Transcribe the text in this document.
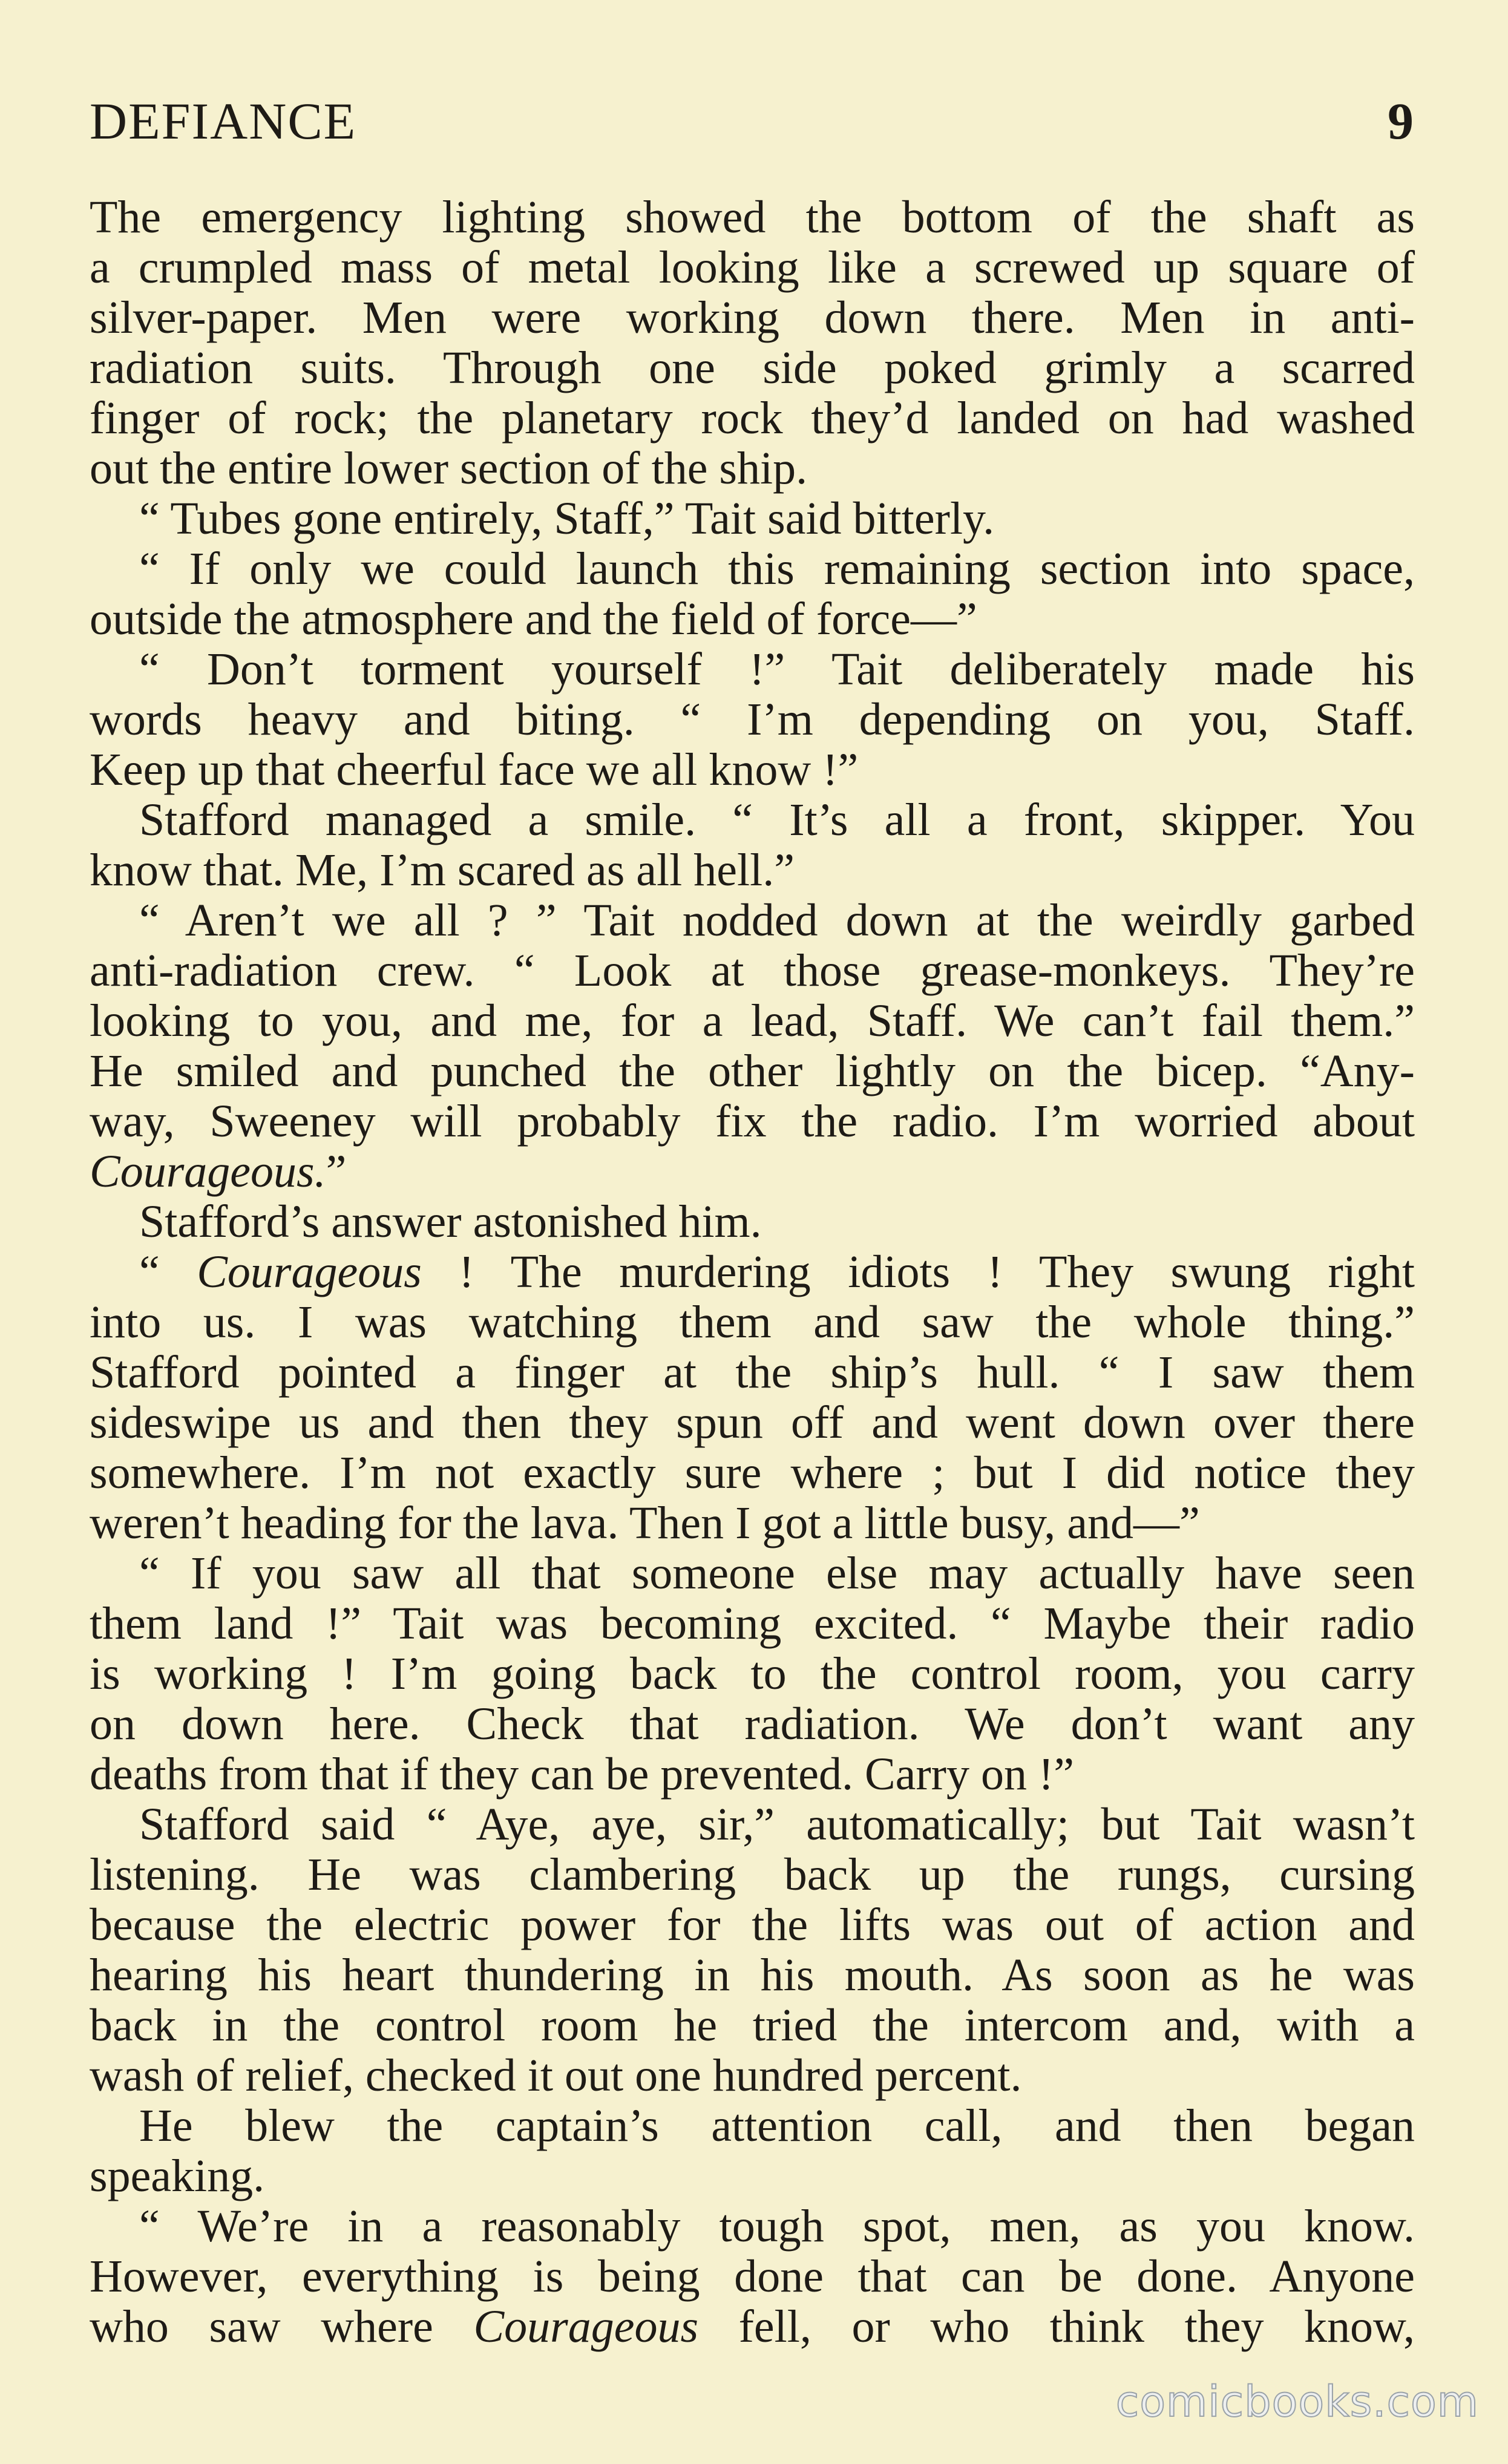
DEFIANCE	9
The emergency lighting showed the bottom of the shaft as
a crumpled mass of metal looking like a screwed up square of
silver-paper. Men were working down there. Men in anti-
radiation suits. Through one side poked grimly a scarred
finger of rock; the planetary rock they’d landed on had washed
out the entire lower section of the ship.
“ Tubes gone entirely, Staff,” Tait said bitterly.
“ If only we could launch this remaining section into space,
outside the atmosphere and the field of force—”
“ Don’t torment yourself !” Tait deliberately made his
words heavy and biting. “ I’m depending on you, Staff.
Keep up that cheerful face we all know !”
Stafford managed a smile. “ It’s all a front, skipper. You
know that. Me, I’m scared as all hell.”
“ Aren’t we all ? ” Tait nodded down at the weirdly garbed
anti-radiation crew. “ Look at those grease-monkeys. They’re
looking to you, and me, for a lead, Staff. We can’t fail them.”
He smiled and punched the other lightly on the bicep. “Any-
way, Sweeney will probably fix the radio. I’m worried about
Courageous.”
Stafford’s answer astonished him.
“ Courageous ! The murdering idiots ! They swung right
into us. I was watching them and saw the whole thing.”
Stafford pointed a finger at the ship’s hull. “ I saw them
sideswipe us and then they spun off and went down over there
somewhere. I’m not exactly sure where ; but I did notice they
weren’t heading for the lava. Then I got a little busy, and—”
“ If you saw all that someone else may actually have seen
them land !” Tait was becoming excited. “ Maybe their radio
is working ! I’m going back to the control room, you carry
on down here. Check that radiation. We don’t want any
deaths from that if they can be prevented. Carry on !”
Stafford said “ Aye, aye, sir,” automatically; but Tait wasn’t
listening. He was clambering back up the rungs, cursing
because the electric power for the lifts was out of action and
hearing his heart thundering in his mouth. As soon as he was
back in the control room he tried the intercom and, with a
wash of relief, checked it out one hundred percent.
He blew the captain’s attention call, and then began
speaking.
“ We’re in a reasonably tough spot, men, as you know.
However, everything is being done that can be done. Anyone
who saw where Courageous fell, or who think they know,
comicbooks.com
